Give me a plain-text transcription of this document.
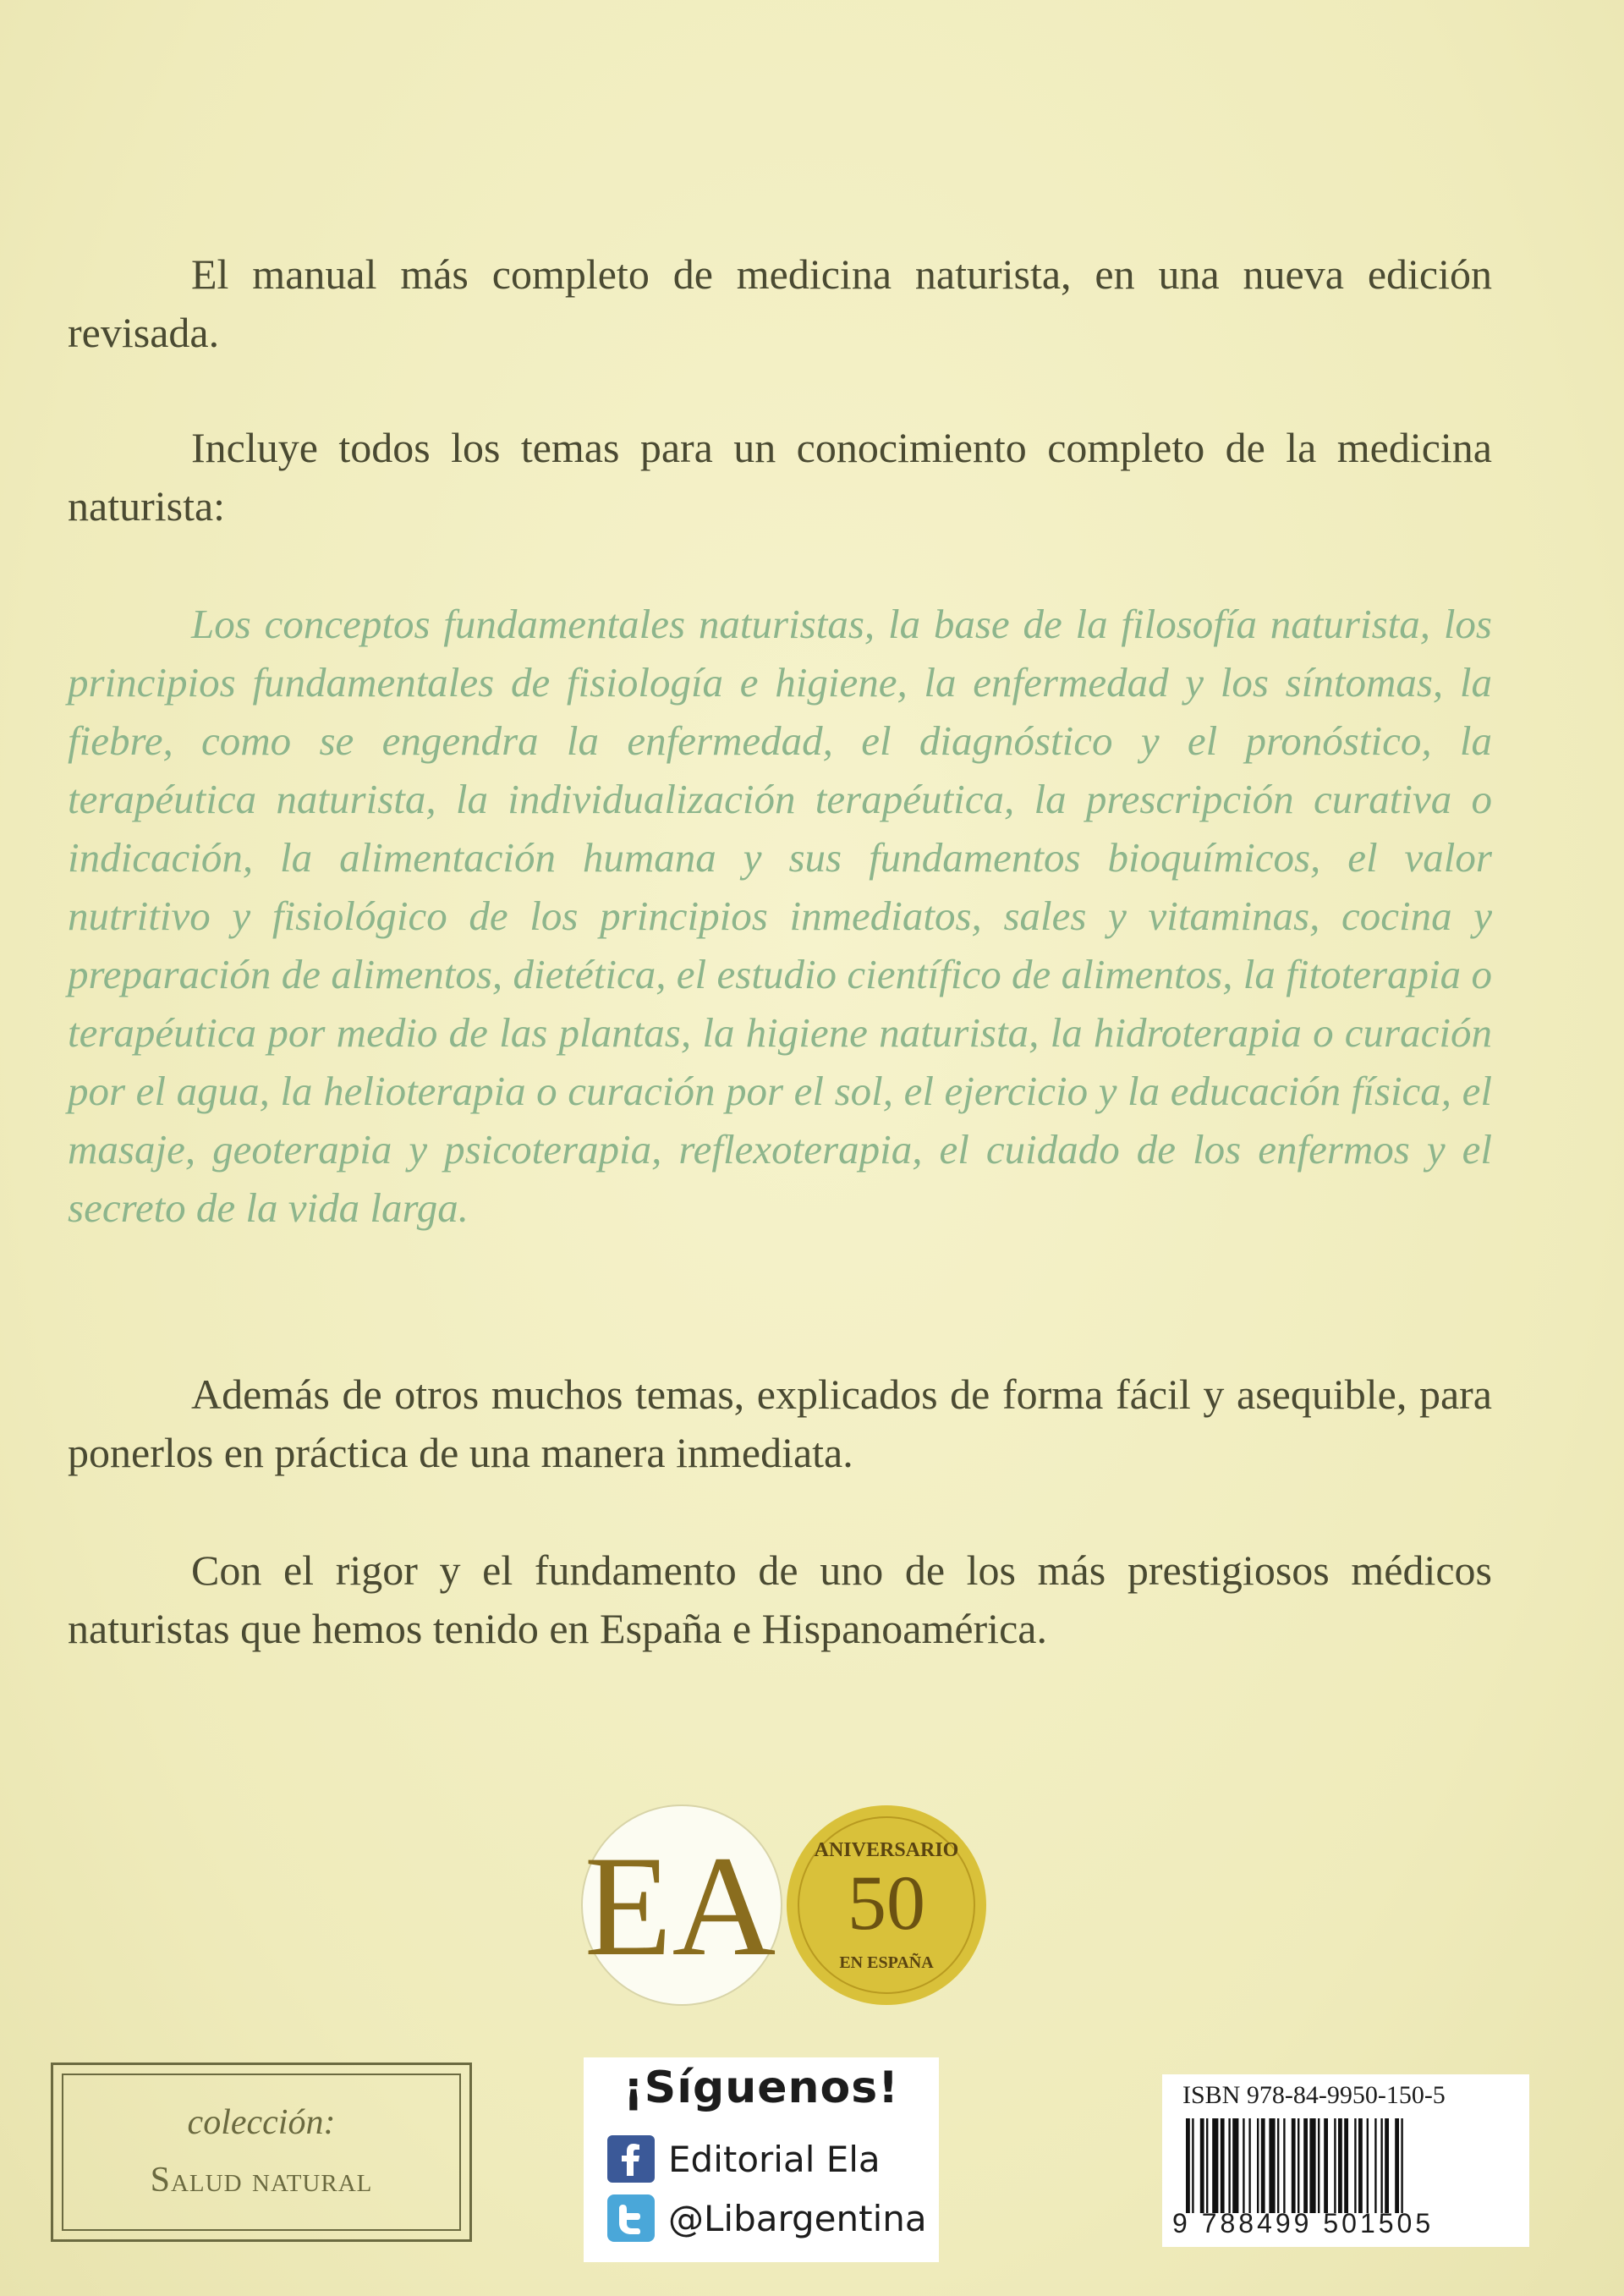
El manual más completo de medicina naturista, en una nueva edición revisada.
Incluye todos los temas para un conocimiento completo de la medicina naturista:
Los conceptos fundamentales naturistas, la base de la filosofía naturista, los principios fundamentales de fisiología e higiene, la enfermedad y los síntomas, la fiebre, como se engendra la enfermedad, el diagnóstico y el pronóstico, la terapéutica naturista, la individualización terapéutica, la prescripción curativa o indicación, la alimentación humana y sus fundamentos bioquímicos, el valor nutritivo y fisiológico de los principios inmediatos, sales y vitaminas, cocina y preparación de alimentos, dietética, el estudio científico de alimentos, la fitoterapia o terapéutica por medio de las plantas, la higiene naturista, la hidroterapia o curación por el agua, la helioterapia o curación por el sol, el ejercicio y la educación física, el masaje, geoterapia y psicoterapia, reflexoterapia, el cuidado de los enfermos y el secreto de la vida larga.
Además de otros muchos temas, explicados de forma fácil y asequible, para ponerlos en práctica de una manera inmediata.
Con el rigor y el fundamento de uno de los más prestigiosos médicos naturistas que hemos tenido en España e Hispanoamérica.
EA ANIVERSARIO
50
EN ESPAÑA
colección:
Salud natural
¡Síguenos!
Editorial Ela
@Libargentina
ISBN 978-84-9950-150-5
9 788499 501505
